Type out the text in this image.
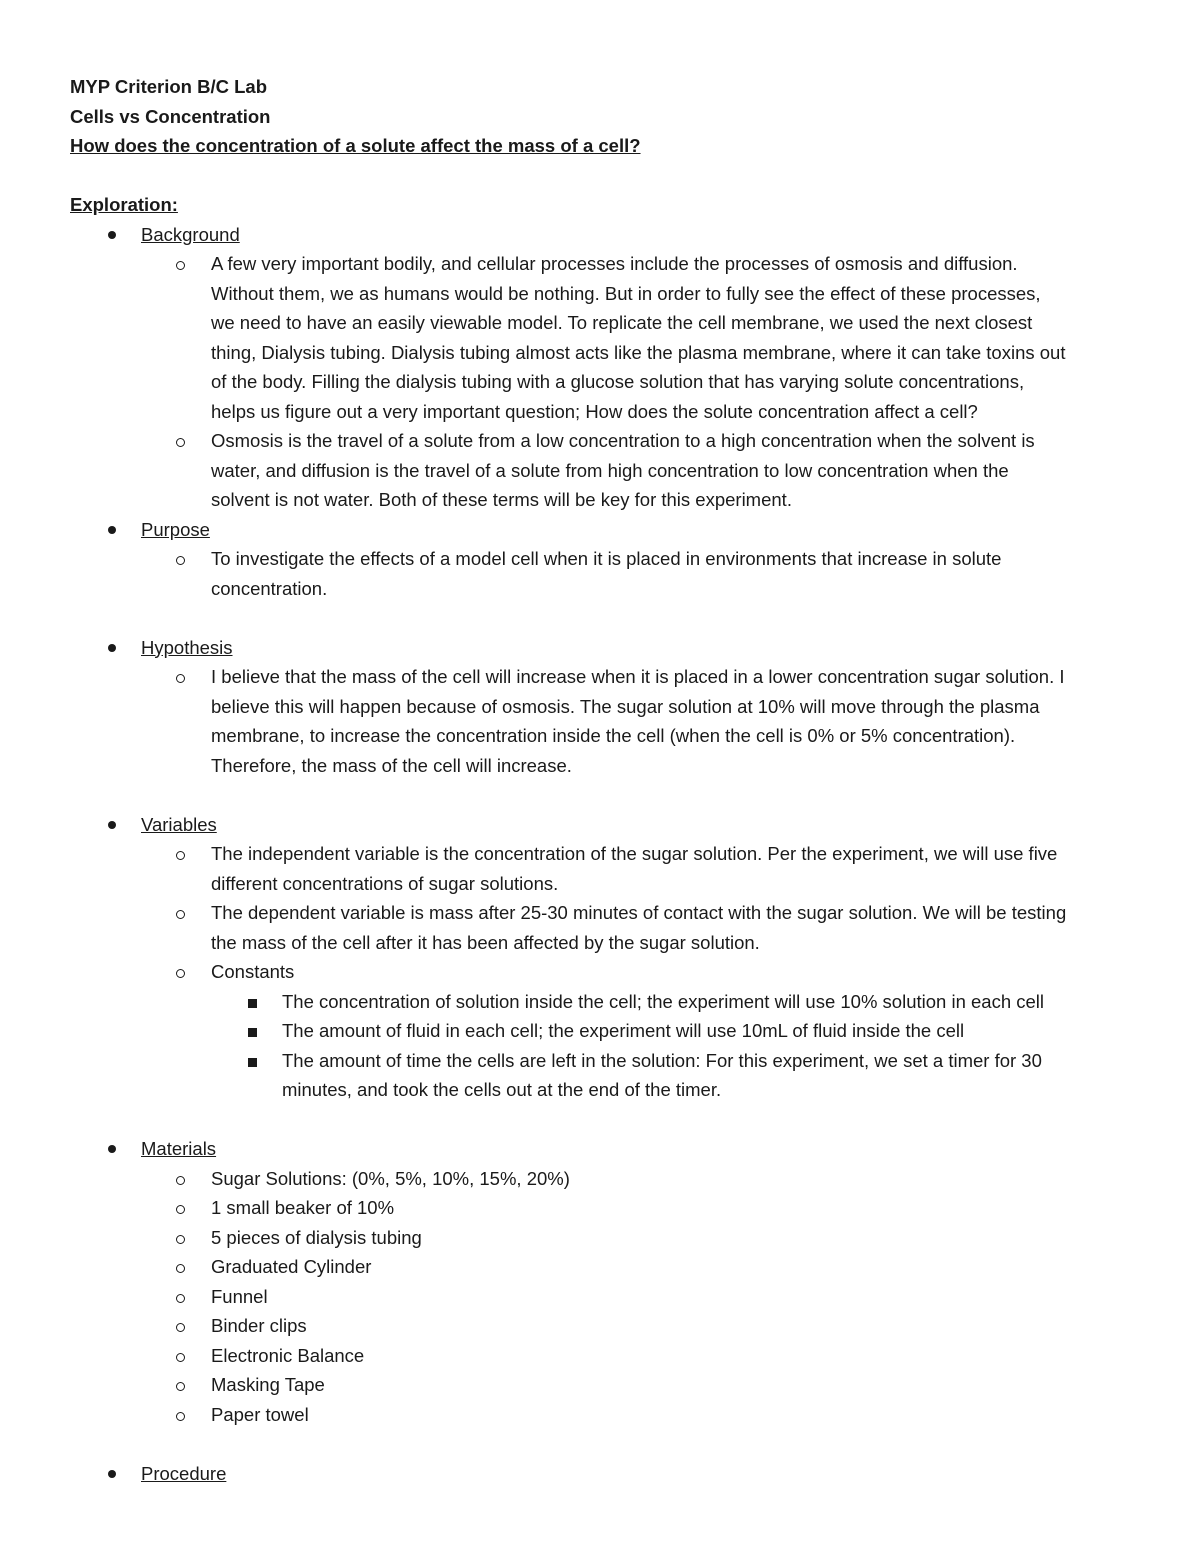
MYP Criterion B/C Lab

Cells vs Concentration

How does the concentration of a solute affect the mass of a cell?

Exploration:

Background

A few very important bodily, and cellular processes include the processes of osmosis and diffusion.

Without them, we as humans would be nothing. But in order to fully see the effect of these processes,

we need to have an easily viewable model. To replicate the cell membrane, we used the next closest

thing, Dialysis tubing. Dialysis tubing almost acts like the plasma membrane, where it can take toxins out

of the body. Filling the dialysis tubing with a glucose solution that has varying solute concentrations,

helps us figure out a very important question; How does the solute concentration affect a cell?

Osmosis is the travel of a solute from a low concentration to a high concentration when the solvent is

water, and diffusion is the travel of a solute from high concentration to low concentration when the

solvent is not water. Both of these terms will be key for this experiment.

Purpose

To investigate the effects of a model cell when it is placed in environments that increase in solute

concentration.

Hypothesis

I believe that the mass of the cell will increase when it is placed in a lower concentration sugar solution. I

believe this will happen because of osmosis. The sugar solution at 10% will move through the plasma

membrane, to increase the concentration inside the cell (when the cell is 0% or 5% concentration).

Therefore, the mass of the cell will increase.

Variables

The independent variable is the concentration of the sugar solution. Per the experiment, we will use five

different concentrations of sugar solutions.

The dependent variable is mass after 25-30 minutes of contact with the sugar solution. We will be testing

the mass of the cell after it has been affected by the sugar solution.

Constants

The concentration of solution inside the cell; the experiment will use 10% solution in each cell

The amount of fluid in each cell; the experiment will use 10mL of fluid inside the cell

The amount of time the cells are left in the solution: For this experiment, we set a timer for 30

minutes, and took the cells out at the end of the timer.

Materials

Sugar Solutions: (0%, 5%, 10%, 15%, 20%)

1 small beaker of 10%

5 pieces of dialysis tubing

Graduated Cylinder

Funnel

Binder clips

Electronic Balance

Masking Tape

Paper towel

Procedure
